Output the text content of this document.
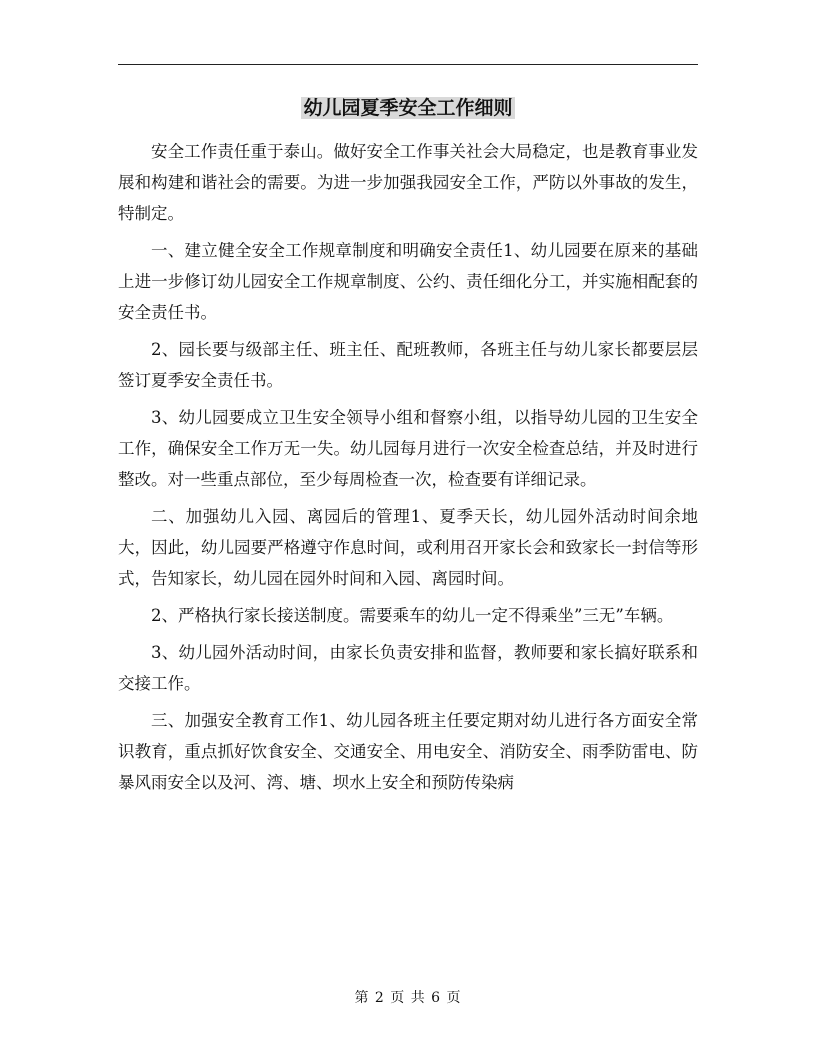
幼儿园夏季安全工作细则

安全工作责任重于泰山。做好安全工作事关社会大局稳定，也是教育事业发展和构建和谐社会的需要。为进一步加强我园安全工作，严防以外事故的发生，特制定。

一、建立健全安全工作规章制度和明确安全责任1、幼儿园要在原来的基础上进一步修订幼儿园安全工作规章制度、公约、责任细化分工，并实施相配套的安全责任书。

2、园长要与级部主任、班主任、配班教师，各班主任与幼儿家长都要层层签订夏季安全责任书。

3、幼儿园要成立卫生安全领导小组和督察小组，以指导幼儿园的卫生安全工作，确保安全工作万无一失。幼儿园每月进行一次安全检查总结，并及时进行整改。对一些重点部位，至少每周检查一次，检查要有详细记录。

二、加强幼儿入园、离园后的管理1、夏季天长，幼儿园外活动时间余地大，因此，幼儿园要严格遵守作息时间，或利用召开家长会和致家长一封信等形式，告知家长，幼儿园在园外时间和入园、离园时间。

2、严格执行家长接送制度。需要乘车的幼儿一定不得乘坐”三无”车辆。

3、幼儿园外活动时间，由家长负责安排和监督，教师要和家长搞好联系和交接工作。

三、加强安全教育工作1、幼儿园各班主任要定期对幼儿进行各方面安全常识教育，重点抓好饮食安全、交通安全、用电安全、消防安全、雨季防雷电、防暴风雨安全以及河、湾、塘、坝水上安全和预防传染病

第 2 页 共 6 页
